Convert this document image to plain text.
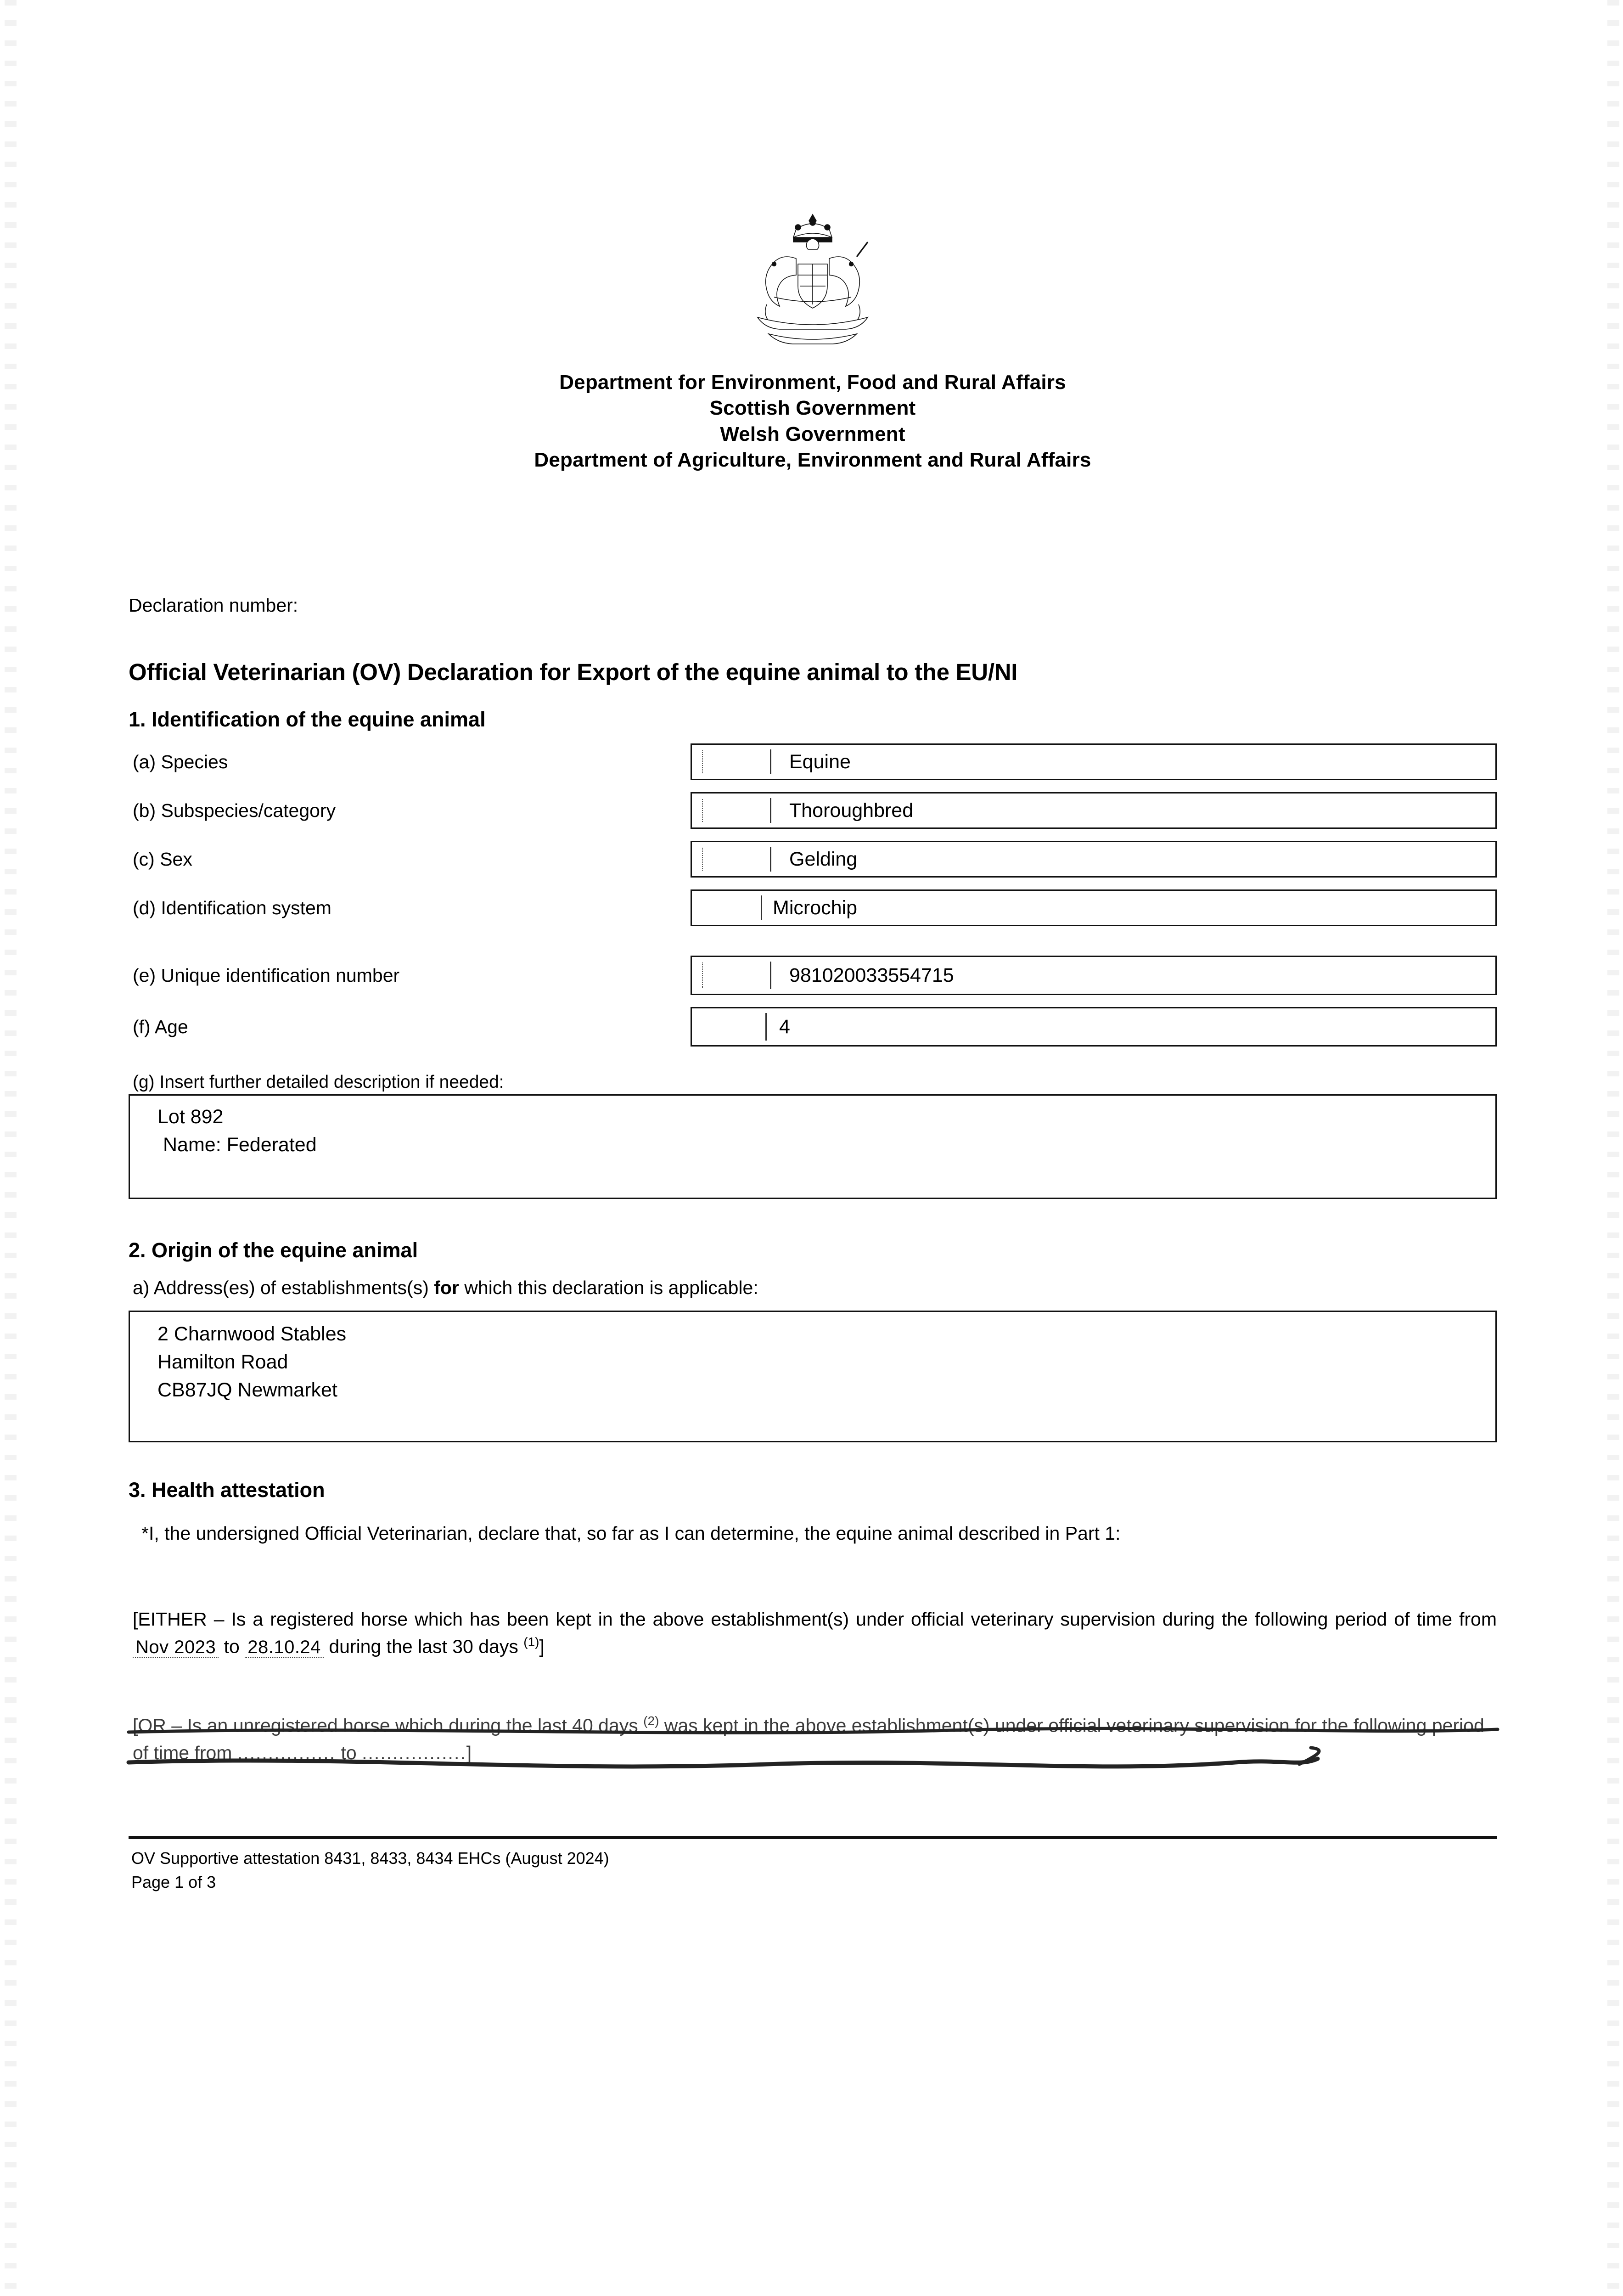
Department for Environment, Food and Rural Affairs
Scottish Government
Welsh Government
Department of Agriculture, Environment and Rural Affairs
Declaration number:
Official Veterinarian (OV) Declaration for Export of the equine animal to the EU/NI
1. Identification of the equine animal
(a) Species	Equine
(b) Subspecies/category	Thoroughbred
(c) Sex	Gelding
(d) Identification system	Microchip
(e) Unique identification number	981020033554715
(f) Age	4
(g) Insert further detailed description if needed:
Lot 892
Name: Federated
2. Origin of the equine animal
a) Address(es) of establishments(s) for which this declaration is applicable:
2 Charnwood Stables
Hamilton Road
CB87JQ Newmarket
3. Health attestation
*I, the undersigned Official Veterinarian, declare that, so far as I can determine, the equine animal described in Part 1:
[EITHER – Is a registered horse which has been kept in the above establishment(s) under official veterinary supervision during the following period of time from Nov 2023 to 28.10.24 during the last 30 days $^{(1)}$]
[OR – Is an unregistered horse which during the last 40 days $^{(2)}$ was kept in the above establishment(s) under official veterinary supervision for the following period of time from ................ to .................]
OV Supportive attestation 8431, 8433, 8434 EHCs (August 2024)
Page 1 of 3
